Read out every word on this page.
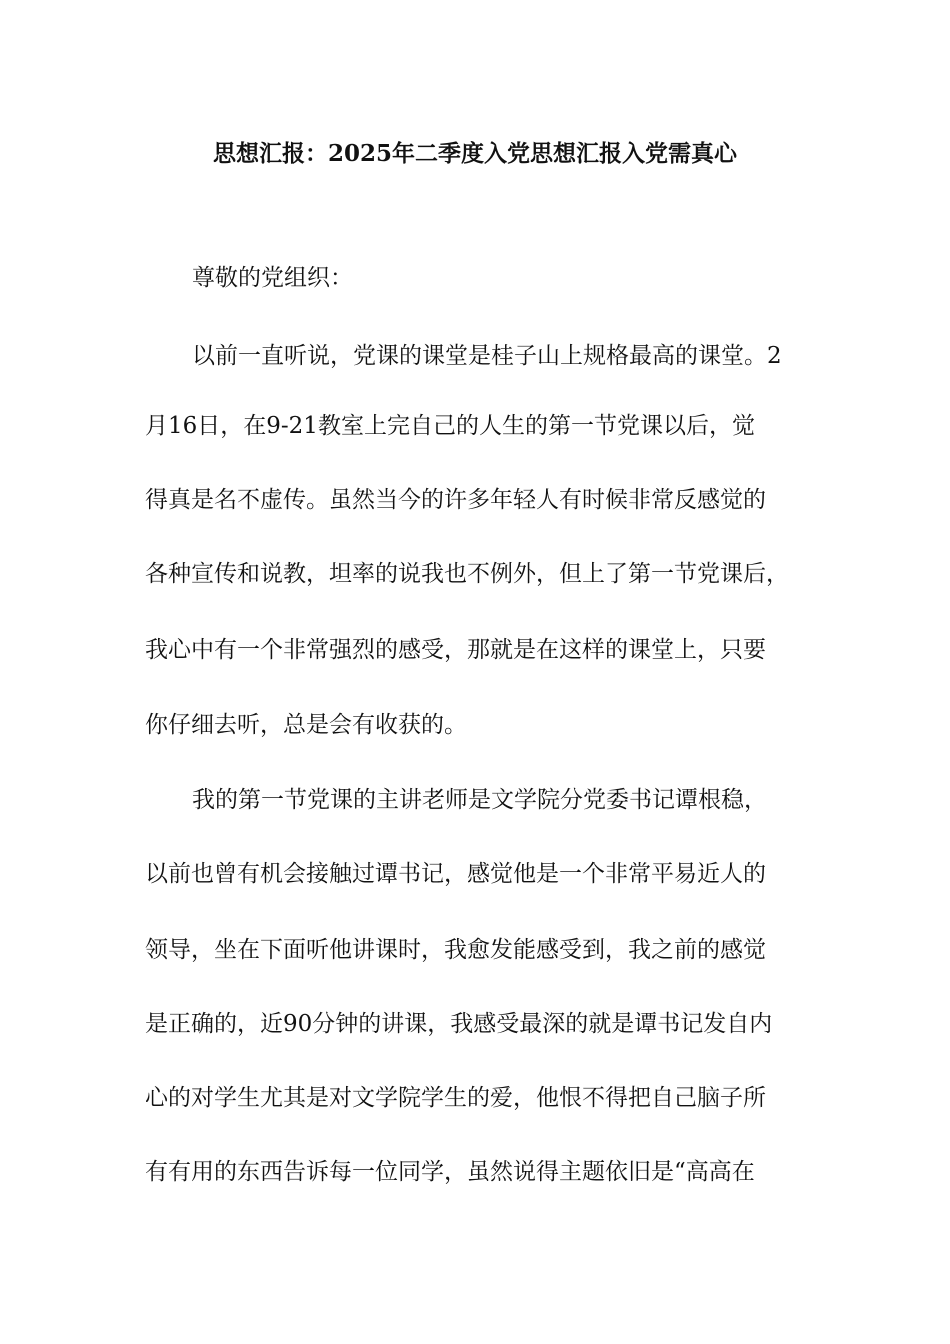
思想汇报：2025年二季度入党思想汇报入党需真心
尊敬的党组织：
以前一直听说，党课的课堂是桂子山上规格最高的课堂。2
月16日，在9-21教室上完自己的人生的第一节党课以后，觉
得真是名不虚传。虽然当今的许多年轻人有时候非常反感觉的
各种宣传和说教，坦率的说我也不例外，但上了第一节党课后，
我心中有一个非常强烈的感受，那就是在这样的课堂上，只要
你仔细去听，总是会有收获的。
我的第一节党课的主讲老师是文学院分党委书记谭根稳，
以前也曾有机会接触过谭书记，感觉他是一个非常平易近人的
领导，坐在下面听他讲课时，我愈发能感受到，我之前的感觉
是正确的，近90分钟的讲课，我感受最深的就是谭书记发自内
心的对学生尤其是对文学院学生的爱，他恨不得把自己脑子所
有有用的东西告诉每一位同学，虽然说得主题依旧是“高高在
